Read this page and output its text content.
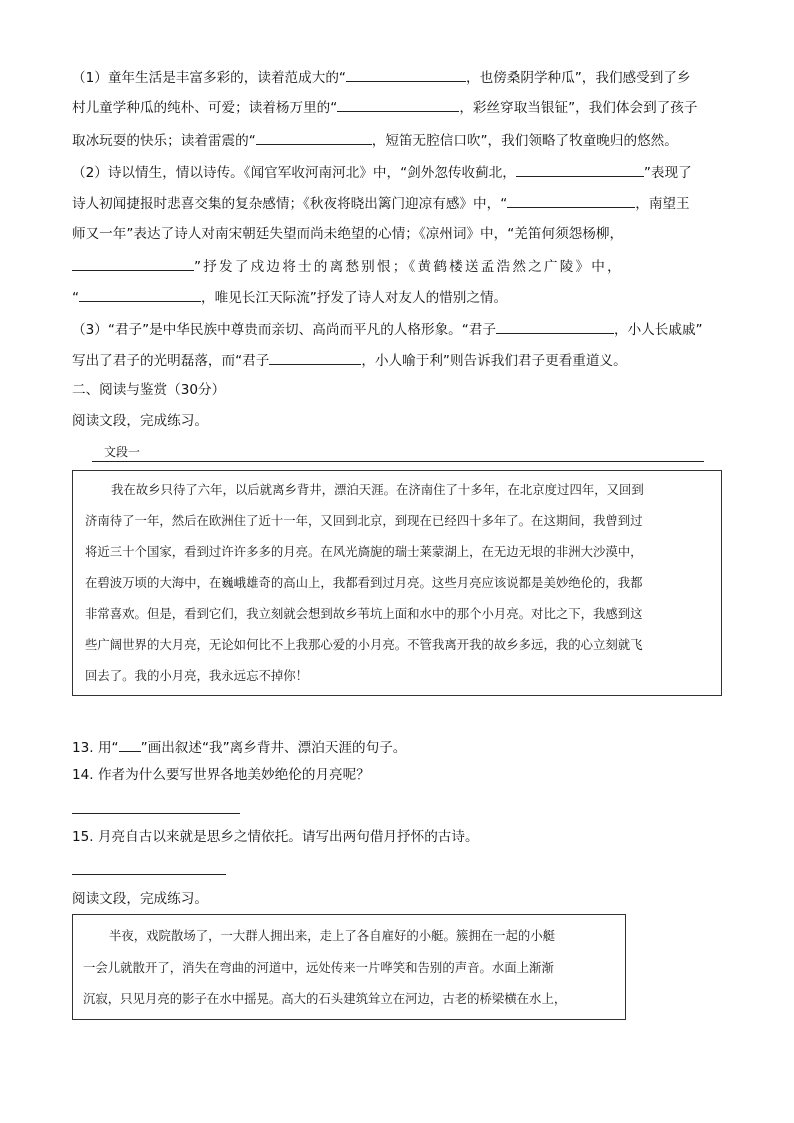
（1）童年生活是丰富多彩的，读着范成大的“	，也傍桑阴学种瓜”，我们感受到了乡
村儿童学种瓜的纯朴、可爱；读着杨万里的“	，彩丝穿取当银钲”，我们体会到了孩子
取冰玩耍的快乐；读着雷震的“	，短笛无腔信口吹”，我们领略了牧童晚归的悠然。
（2）诗以情生，情以诗传。《闻官军收河南河北》中，“剑外忽传收蓟北，	”表现了
诗人初闻捷报时悲喜交集的复杂感情；《秋夜将晓出篱门迎凉有感》中，“	，南望王
师又一年”表达了诗人对南宋朝廷失望而尚未绝望的心情；《凉州词》中，“羌笛何须怨杨柳，
”抒发了戍边将士的离愁别恨；《黄鹤楼送孟浩然之广陵》中，
“	，唯见长江天际流”抒发了诗人对友人的惜别之情。
（3）“君子”是中华民族中尊贵而亲切、高尚而平凡的人格形象。“君子	，小人长戚戚”
写出了君子的光明磊落，而“君子	，小人喻于利”则告诉我们君子更看重道义。
二、阅读与鉴赏（30分）
阅读文段，完成练习。
文段一
我在故乡只待了六年，以后就离乡背井，漂泊天涯。在济南住了十多年，在北京度过四年，又回到
济南待了一年，然后在欧洲住了近十一年，又回到北京，到现在已经四十多年了。在这期间，我曾到过
将近三十个国家，看到过许许多多的月亮。在风光旖旎的瑞士莱蒙湖上，在无边无垠的非洲大沙漠中，
在碧波万顷的大海中，在巍峨雄奇的高山上，我都看到过月亮。这些月亮应该说都是美妙绝伦的，我都
非常喜欢。但是，看到它们，我立刻就会想到故乡苇坑上面和水中的那个小月亮。对比之下，我感到这
些广阔世界的大月亮，无论如何比不上我那心爱的小月亮。不管我离开我的故乡多远，我的心立刻就飞
回去了。我的小月亮，我永远忘不掉你！
13. 用“ ”画出叙述“我”离乡背井、漂泊天涯的句子。
14. 作者为什么要写世界各地美妙绝伦的月亮呢？
15. 月亮自古以来就是思乡之情依托。请写出两句借月抒怀的古诗。
阅读文段，完成练习。
半夜，戏院散场了，一大群人拥出来，走上了各自雇好的小艇。簇拥在一起的小艇
一会儿就散开了，消失在弯曲的河道中，远处传来一片哗笑和告别的声音。水面上渐渐
沉寂，只见月亮的影子在水中摇晃。高大的石头建筑耸立在河边，古老的桥梁横在水上，
